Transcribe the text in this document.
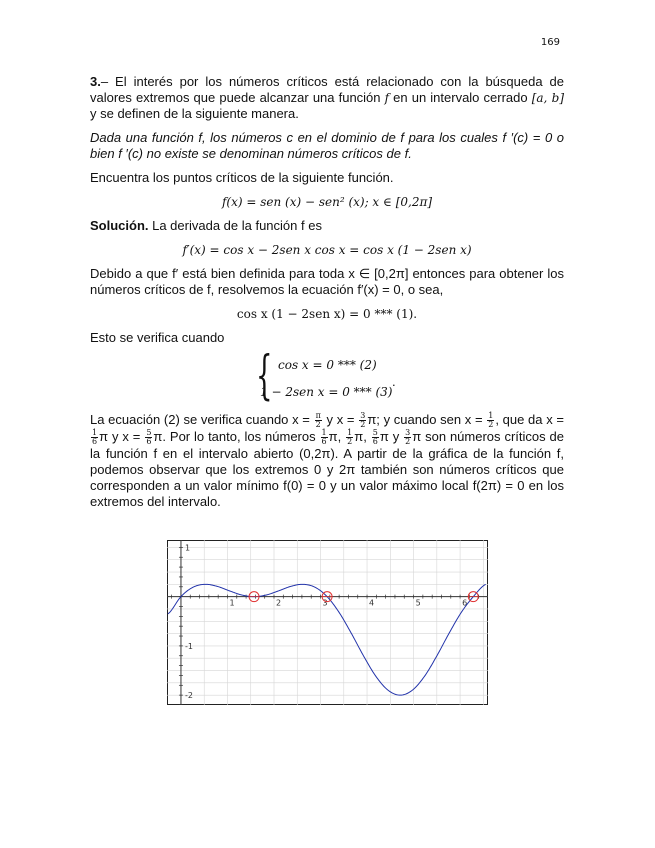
169

3.– El interés por los números críticos está relacionado con la búsqueda de valores extremos que puede alcanzar una función f en un intervalo cerrado [a, b] y se definen de la siguiente manera.

Dada una función f, los números c en el dominio de f para los cuales f ′(c) = 0 o bien f ′(c) no existe se denominan números críticos de f.

Encuentra los puntos críticos de la siguiente función.

f(x) = sen (x) − sen² (x); x ∈ [0,2π]

Solución. La derivada de la función f es

f′(x) = cos x − 2sen x cos x = cos x (1 − 2sen x)

Debido a que f′ está bien definida para toda x ∈ [0,2π] entonces para obtener los números críticos de f, resolvemos la ecuación f′(x) = 0, o sea,

cos x (1 − 2sen x) = 0 *** (1).

Esto se verifica cuando

{ cos x = 0 *** (2)
1 − 2sen x = 0 *** (3)
.

La ecuación (2) se verifica cuando $x = \frac{\pi}{2}$ y $x = \frac{3}{2} \pi$; y cuando sen $x = \frac{1}{2}$ , que da x =
$\frac{1}{6}$ π y $x = \frac{5}{6} \pi$. Por lo tanto, los números $\frac{1}{6} \pi$, $\frac{1}{2} \pi$, $\frac{5}{6}$ π y $\frac{3}{2}$ π son números críticos de la función f en el intervalo abierto (0,2π). A partir de la gráfica de la función f, podemos observar que los extremos 0 y 2π también son números críticos que corresponden a un valor mínimo f(0) = 0 y un valor máximo local f(2π) = 0 en los extremos del intervalo.

1	2	3	4	5	6
1
-1
-2
